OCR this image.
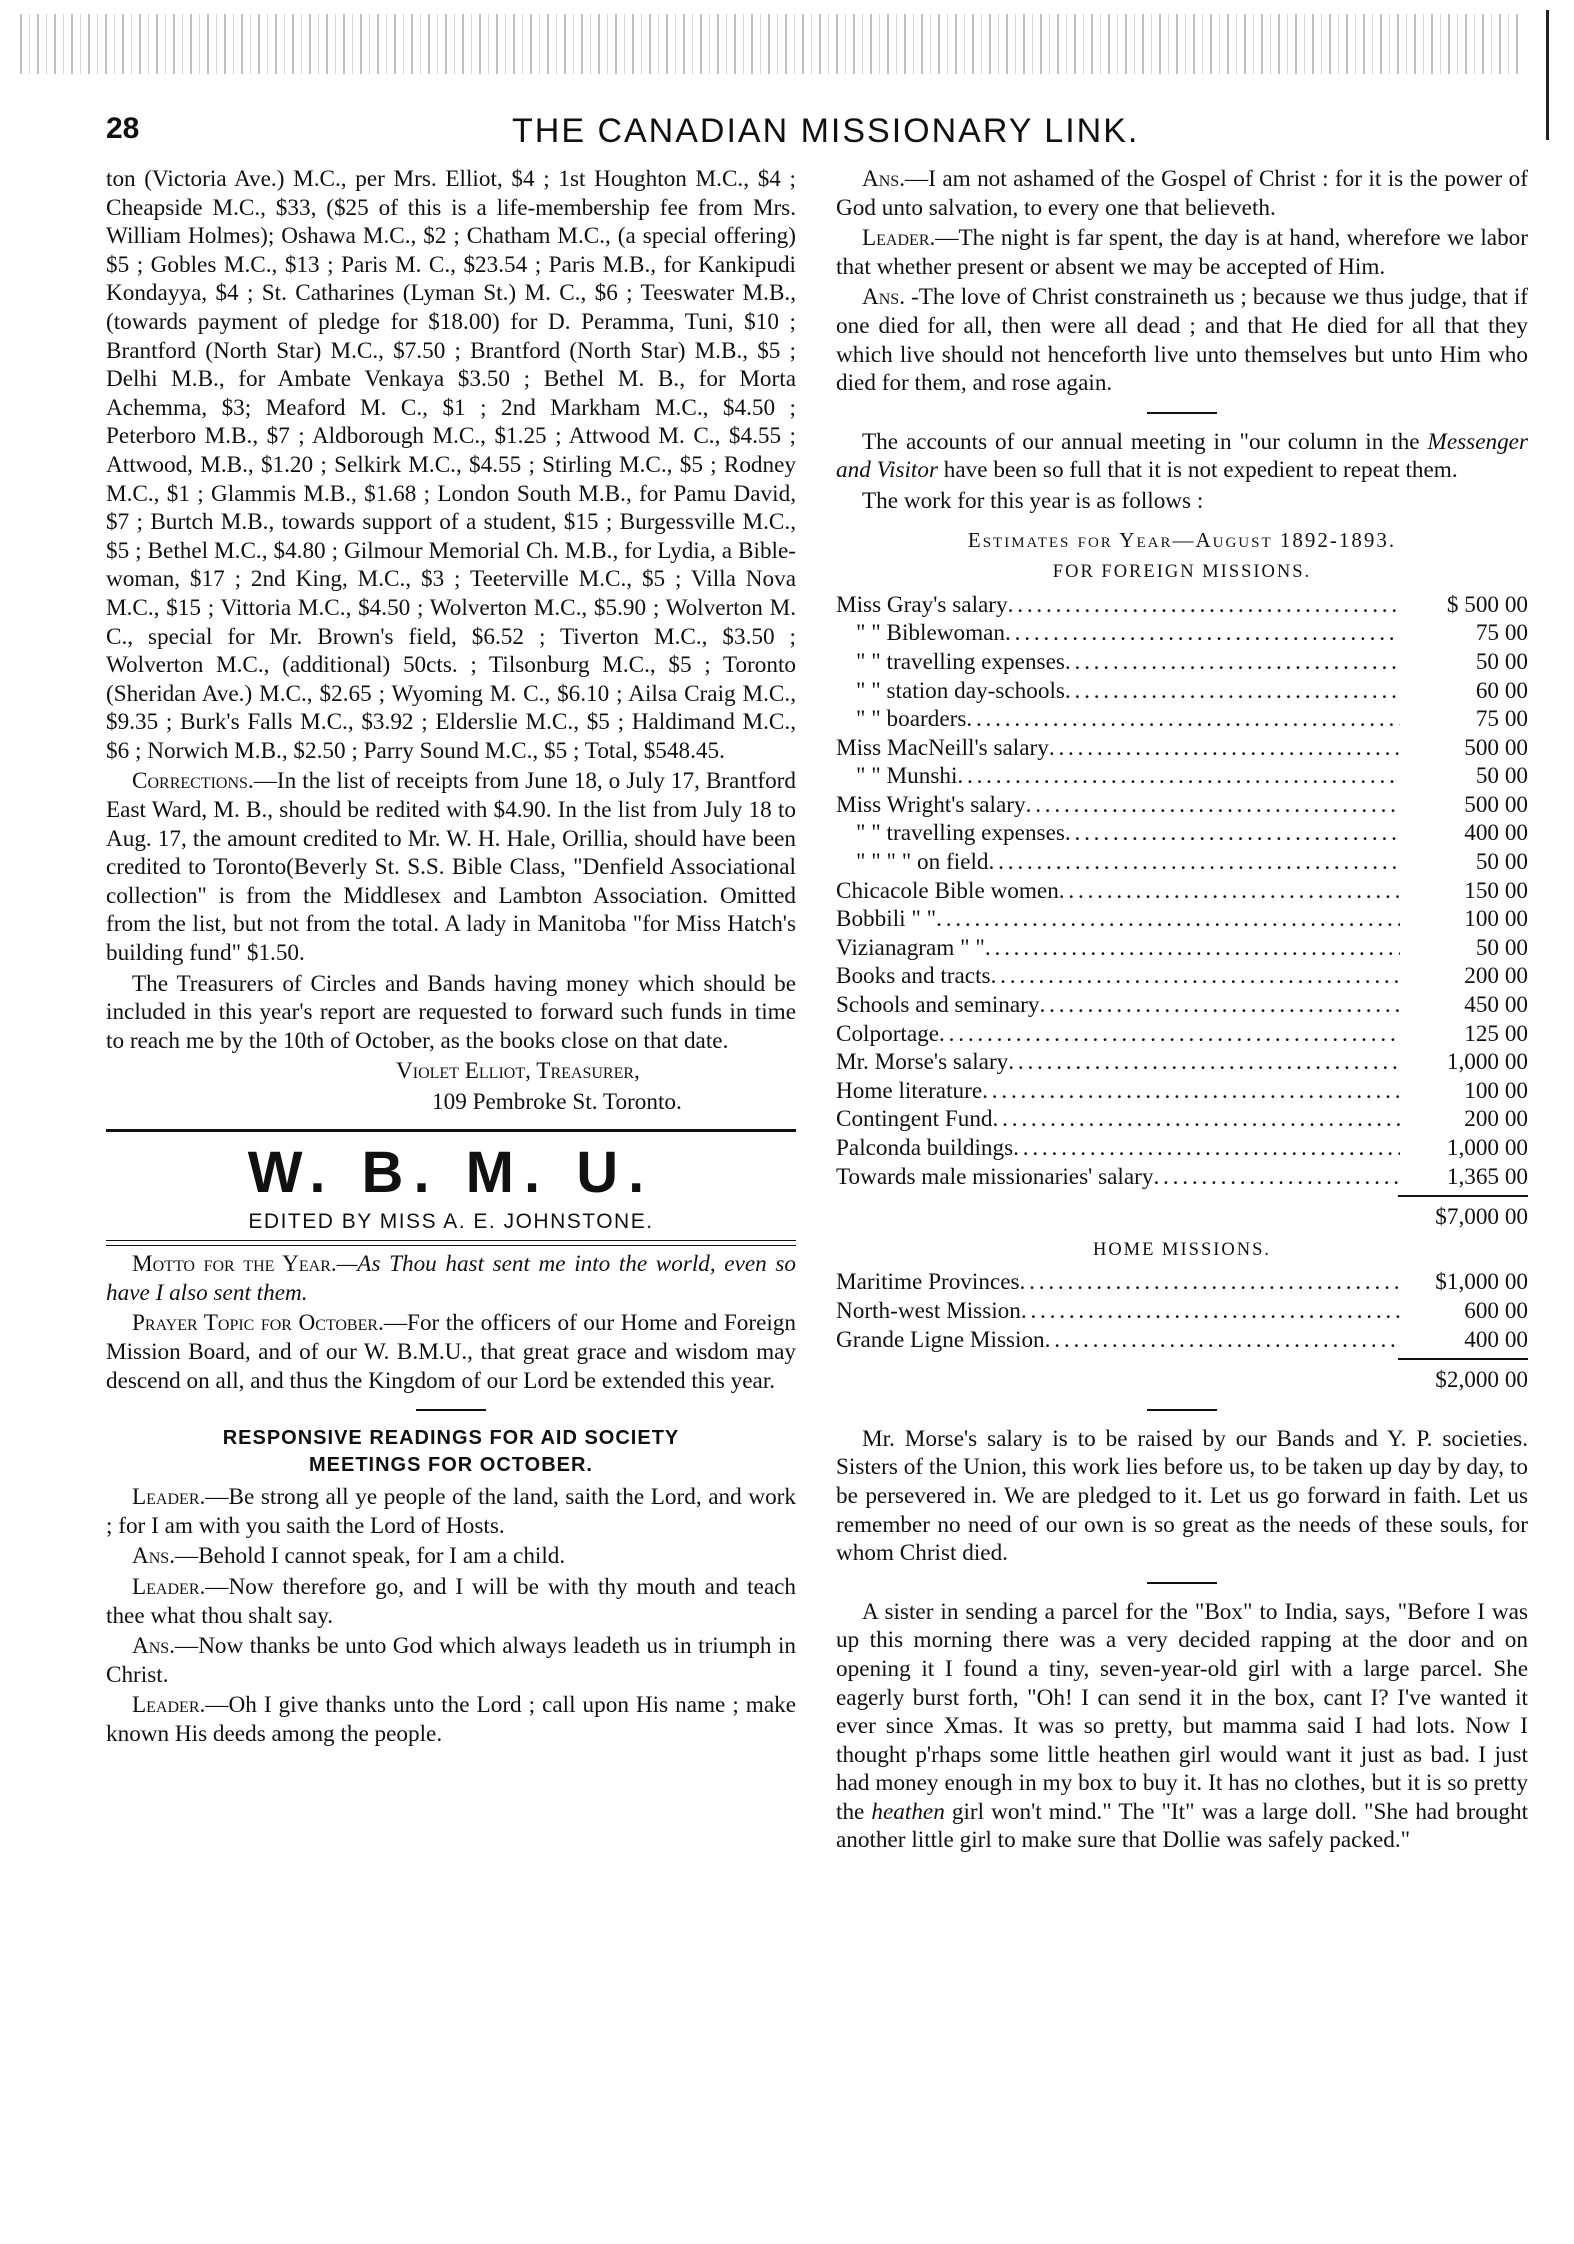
28	THE CANADIAN MISSIONARY LINK.

ton (Victoria Ave.) M.C., per Mrs. Elliot, $4 ; 1st Houghton M.C., $4 ; Cheapside M.C., $33, ($25 of this is a life-membership fee from Mrs. William Holmes); Oshawa M.C., $2 ; Chatham M.C., (a special offering) $5 ; Gobles M.C., $13 ; Paris M. C., $23.54 ; Paris M.B., for Kankipudi Kondayya, $4 ; St. Catharines (Lyman St.) M. C., $6 ; Teeswater M.B., (towards payment of pledge for $18.00) for D. Peramma, Tuni, $10 ; Brantford (North Star) M.C., $7.50 ; Brantford (North Star) M.B., $5 ; Delhi M.B., for Ambate Venkaya $3.50 ; Bethel M. B., for Morta Achemma, $3; Meaford M. C., $1 ; 2nd Markham M.C., $4.50 ; Peterboro M.B., $7 ; Aldborough M.C., $1.25 ; Attwood M. C., $4.55 ; Attwood, M.B., $1.20 ; Selkirk M.C., $4.55 ; Stirling M.C., $5 ; Rodney M.C., $1 ; Glammis M.B., $1.68 ; London South M.B., for Pamu David, $7 ; Burtch M.B., towards support of a student, $15 ; Burgessville M.C., $5 ; Bethel M.C., $4.80 ; Gilmour Memorial Ch. M.B., for Lydia, a Bible-woman, $17 ; 2nd King, M.C., $3 ; Teeterville M.C., $5 ; Villa Nova M.C., $15 ; Vittoria M.C., $4.50 ; Wolverton M.C., $5.90 ; Wolverton M. C., special for Mr. Brown's field, $6.52 ; Tiverton M.C., $3.50 ; Wolverton M.C., (additional) 50cts. ; Tilsonburg M.C., $5 ; Toronto (Sheridan Ave.) M.C., $2.65 ; Wyoming M. C., $6.10 ; Ailsa Craig M.C., $9.35 ; Burk's Falls M.C., $3.92 ; Elderslie M.C., $5 ; Haldimand M.C., $6 ; Norwich M.B., $2.50 ; Parry Sound M.C., $5 ; Total, $548.45.

Corrections.—In the list of receipts from June 18, o July 17, Brantford East Ward, M. B., should be redited with $4.90. In the list from July 18 to Aug. 17, the amount credited to Mr. W. H. Hale, Orillia, should have been credited to Toronto(Beverly St. S.S. Bible Class, "Denfield Associational collection" is from the Middlesex and Lambton Association. Omitted from the list, but not from the total. A lady in Manitoba "for Miss Hatch's building fund" $1.50.

The Treasurers of Circles and Bands having money which should be included in this year's report are requested to forward such funds in time to reach me by the 10th of October, as the books close on that date.

Violet Elliot, Treasurer,

109 Pembroke St. Toronto.

W. B. M. U.
EDITED BY MISS A. E. JOHNSTONE.

Motto for the Year.—As Thou hast sent me into the world, even so have I also sent them.

Prayer Topic for October.—For the officers of our Home and Foreign Mission Board, and of our W. B.M.U., that great grace and wisdom may descend on all, and thus the Kingdom of our Lord be extended this year.

RESPONSIVE READINGS FOR AID SOCIETY
MEETINGS FOR OCTOBER.

Leader.—Be strong all ye people of the land, saith the Lord, and work ; for I am with you saith the Lord of Hosts.

Ans.—Behold I cannot speak, for I am a child.

Leader.—Now therefore go, and I will be with thy mouth and teach thee what thou shalt say.

Ans.—Now thanks be unto God which always leadeth us in triumph in Christ.

Leader.—Oh I give thanks unto the Lord ; call upon His name ; make known His deeds among the people.

Ans.—I am not ashamed of the Gospel of Christ : for it is the power of God unto salvation, to every one that believeth.

Leader.—The night is far spent, the day is at hand, wherefore we labor that whether present or absent we may be accepted of Him.

Ans. -The love of Christ constraineth us ; because we thus judge, that if one died for all, then were all dead ; and that He died for all that they which live should not henceforth live unto themselves but unto Him who died for them, and rose again.

The accounts of our annual meeting in "our column in the Messenger and Visitor have been so full that it is not expedient to repeat them.

The work for this year is as follows :

Estimates for Year—August 1892-1893.
FOR FOREIGN MISSIONS.
Miss Gray's salary . . .	$ 500 00
" " Biblewoman . . .	75 00
" " travelling expenses . . .	50 00
" " station day-schools . . .	60 00
" " boarders . . .	75 00
Miss MacNeill's salary . . .	500 00
" " Munshi . . .	50 00
Miss Wright's salary . . .	500 00
" " travelling expenses . . .	400 00
" " " " on field . . .	50 00
Chicacole Bible women . . .	150 00
Bobbili " " . . .	100 00
Vizianagram " " . . .	50 00
Books and tracts . . .	200 00
Schools and seminary . . .	450 00
Colportage . . .	125 00
Mr. Morse's salary . . .	1,000 00
Home literature . . .	100 00
Contingent Fund . . .	200 00
Palconda buildings . . .	1,000 00
Towards male missionaries' salary . . .	1,365 00
$7,000 00
HOME MISSIONS.
Maritime Provinces . . .	$1,000 00
North-west Mission . . .	600 00
Grande Ligne Mission . . .	400 00
$2,000 00

Mr. Morse's salary is to be raised by our Bands and Y. P. societies. Sisters of the Union, this work lies before us, to be taken up day by day, to be persevered in. We are pledged to it. Let us go forward in faith. Let us remember no need of our own is so great as the needs of these souls, for whom Christ died.

A sister in sending a parcel for the "Box" to India, says, "Before I was up this morning there was a very decided rapping at the door and on opening it I found a tiny, seven-year-old girl with a large parcel. She eagerly burst forth, "Oh! I can send it in the box, cant I? I've wanted it ever since Xmas. It was so pretty, but mamma said I had lots. Now I thought p'rhaps some little heathen girl would want it just as bad. I just had money enough in my box to buy it. It has no clothes, but it is so pretty the heathen girl won't mind." The "It" was a large doll. "She had brought another little girl to make sure that Dollie was safely packed."
